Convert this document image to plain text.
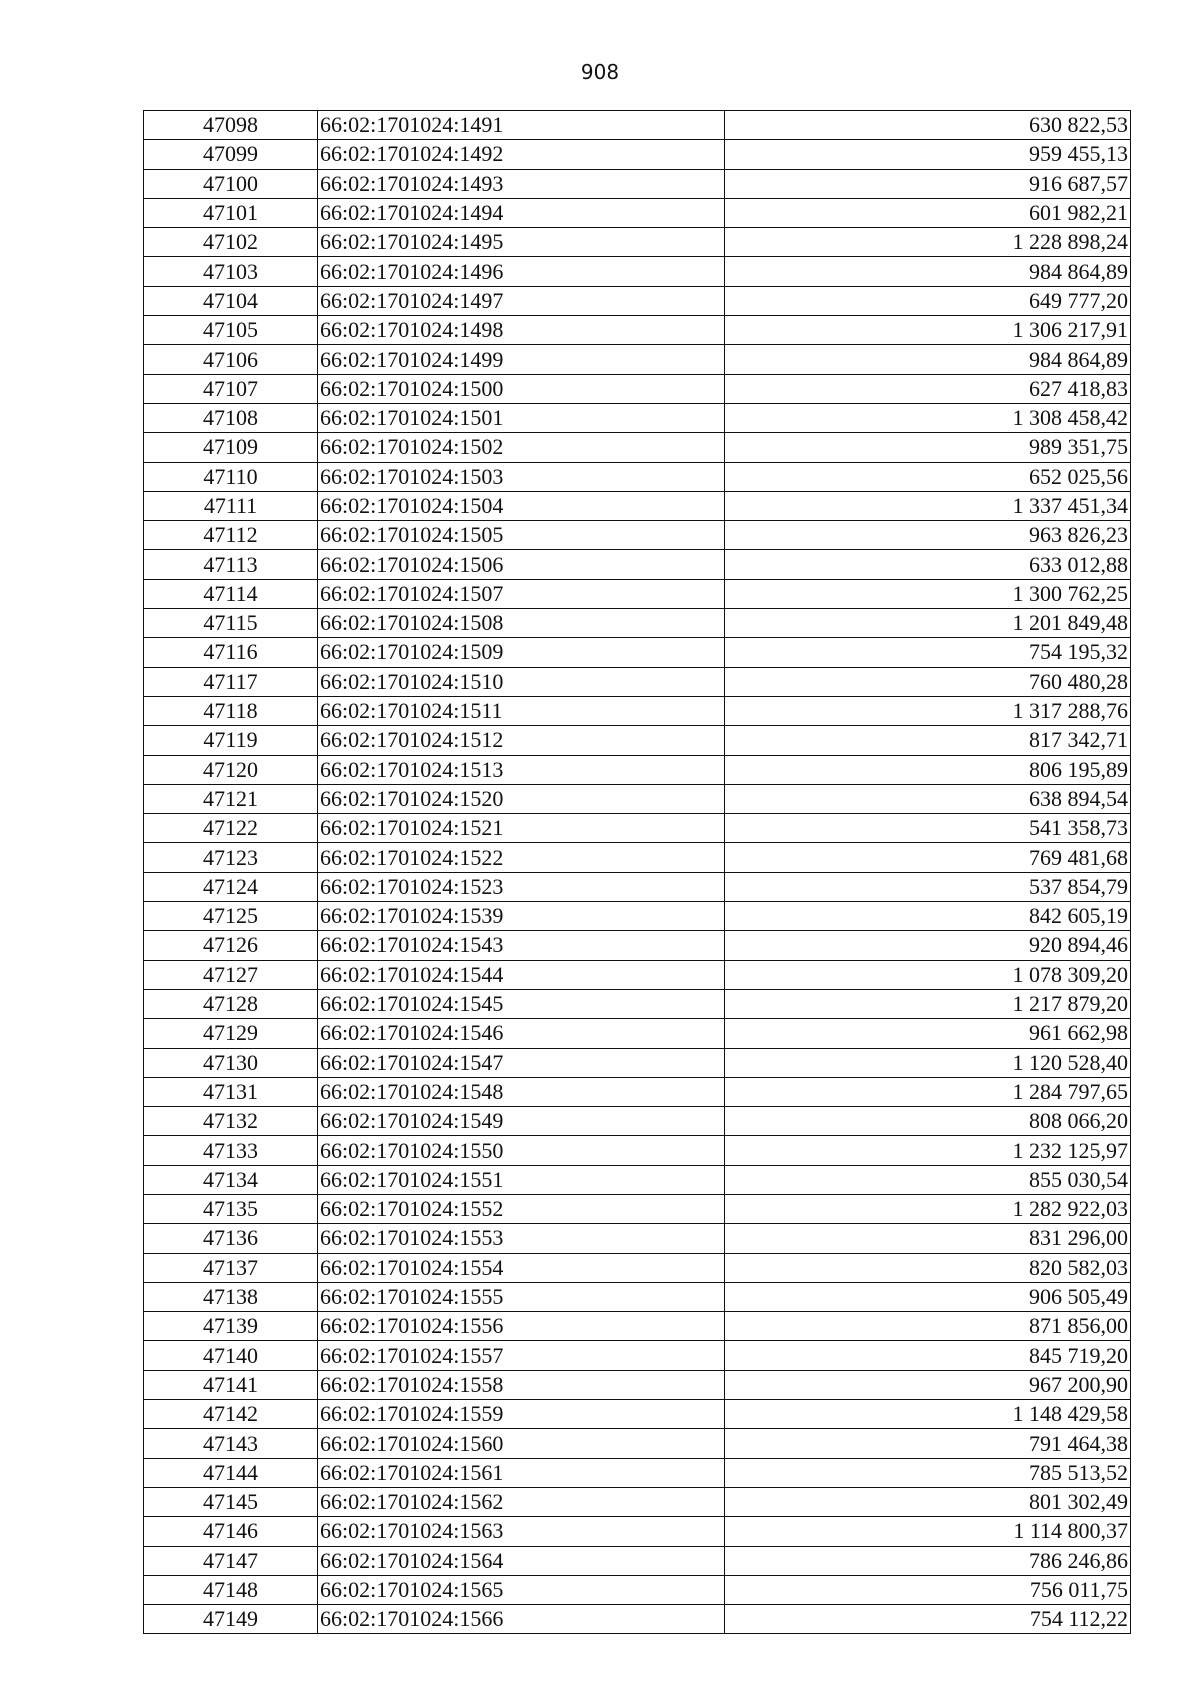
908
47098	66:02:1701024:1491	630 822,53
47099	66:02:1701024:1492	959 455,13
47100	66:02:1701024:1493	916 687,57
47101	66:02:1701024:1494	601 982,21
47102	66:02:1701024:1495	1 228 898,24
47103	66:02:1701024:1496	984 864,89
47104	66:02:1701024:1497	649 777,20
47105	66:02:1701024:1498	1 306 217,91
47106	66:02:1701024:1499	984 864,89
47107	66:02:1701024:1500	627 418,83
47108	66:02:1701024:1501	1 308 458,42
47109	66:02:1701024:1502	989 351,75
47110	66:02:1701024:1503	652 025,56
47111	66:02:1701024:1504	1 337 451,34
47112	66:02:1701024:1505	963 826,23
47113	66:02:1701024:1506	633 012,88
47114	66:02:1701024:1507	1 300 762,25
47115	66:02:1701024:1508	1 201 849,48
47116	66:02:1701024:1509	754 195,32
47117	66:02:1701024:1510	760 480,28
47118	66:02:1701024:1511	1 317 288,76
47119	66:02:1701024:1512	817 342,71
47120	66:02:1701024:1513	806 195,89
47121	66:02:1701024:1520	638 894,54
47122	66:02:1701024:1521	541 358,73
47123	66:02:1701024:1522	769 481,68
47124	66:02:1701024:1523	537 854,79
47125	66:02:1701024:1539	842 605,19
47126	66:02:1701024:1543	920 894,46
47127	66:02:1701024:1544	1 078 309,20
47128	66:02:1701024:1545	1 217 879,20
47129	66:02:1701024:1546	961 662,98
47130	66:02:1701024:1547	1 120 528,40
47131	66:02:1701024:1548	1 284 797,65
47132	66:02:1701024:1549	808 066,20
47133	66:02:1701024:1550	1 232 125,97
47134	66:02:1701024:1551	855 030,54
47135	66:02:1701024:1552	1 282 922,03
47136	66:02:1701024:1553	831 296,00
47137	66:02:1701024:1554	820 582,03
47138	66:02:1701024:1555	906 505,49
47139	66:02:1701024:1556	871 856,00
47140	66:02:1701024:1557	845 719,20
47141	66:02:1701024:1558	967 200,90
47142	66:02:1701024:1559	1 148 429,58
47143	66:02:1701024:1560	791 464,38
47144	66:02:1701024:1561	785 513,52
47145	66:02:1701024:1562	801 302,49
47146	66:02:1701024:1563	1 114 800,37
47147	66:02:1701024:1564	786 246,86
47148	66:02:1701024:1565	756 011,75
47149	66:02:1701024:1566	754 112,22
